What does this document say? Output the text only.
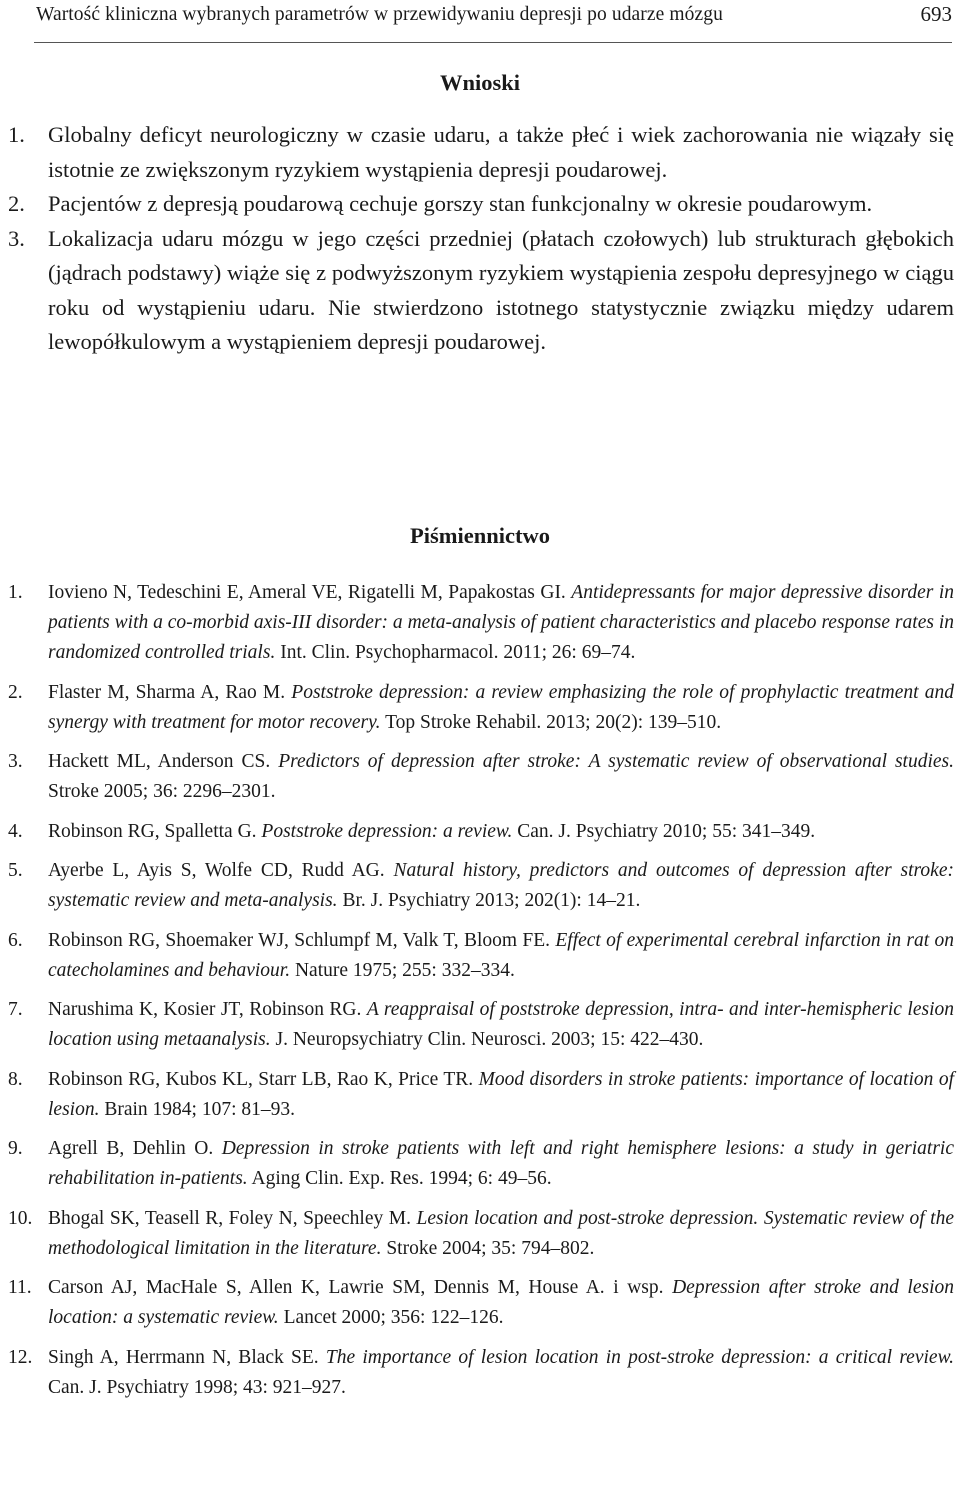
Wartość kliniczna wybranych parametrów w przewidywaniu depresji po udarze mózgu	693
Wnioski
1. Globalny deficyt neurologiczny w czasie udaru, a także płeć i wiek zachorowania nie wiązały się istotnie ze zwiększonym ryzykiem wystąpienia depresji poudarowej.
2. Pacjentów z depresją poudarową cechuje gorszy stan funkcjonalny w okresie poudarowym.
3. Lokalizacja udaru mózgu w jego części przedniej (płatach czołowych) lub strukturach głębokich (jądrach podstawy) wiąże się z podwyższonym ryzykiem wystąpienia zespołu depresyjnego w ciągu roku od wystąpieniu udaru. Nie stwierdzono istotnego statystycznie związku między udarem lewopółkulowym a wystąpieniem depresji poudarowej.
Piśmiennictwo
1. Iovieno N, Tedeschini E, Ameral VE, Rigatelli M, Papakostas GI. Antidepressants for major depressive disorder in patients with a co-morbid axis-III disorder: a meta-analysis of patient characteristics and placebo response rates in randomized controlled trials. Int. Clin. Psychopharmacol. 2011; 26: 69–74.
2. Flaster M, Sharma A, Rao M. Poststroke depression: a review emphasizing the role of prophylactic treatment and synergy with treatment for motor recovery. Top Stroke Rehabil. 2013; 20(2): 139–510.
3. Hackett ML, Anderson CS. Predictors of depression after stroke: A systematic review of observational studies. Stroke 2005; 36: 2296–2301.
4. Robinson RG, Spalletta G. Poststroke depression: a review. Can. J. Psychiatry 2010; 55: 341–349.
5. Ayerbe L, Ayis S, Wolfe CD, Rudd AG. Natural history, predictors and outcomes of depression after stroke: systematic review and meta-analysis. Br. J. Psychiatry 2013; 202(1): 14–21.
6. Robinson RG, Shoemaker WJ, Schlumpf M, Valk T, Bloom FE. Effect of experimental cerebral infarction in rat on catecholamines and behaviour. Nature 1975; 255: 332–334.
7. Narushima K, Kosier JT, Robinson RG. A reappraisal of poststroke depression, intra- and inter-hemispheric lesion location using metaanalysis. J. Neuropsychiatry Clin. Neurosci. 2003; 15: 422–430.
8. Robinson RG, Kubos KL, Starr LB, Rao K, Price TR. Mood disorders in stroke patients: importance of location of lesion. Brain 1984; 107: 81–93.
9. Agrell B, Dehlin O. Depression in stroke patients with left and right hemisphere lesions: a study in geriatric rehabilitation in-patients. Aging Clin. Exp. Res. 1994; 6: 49–56.
10. Bhogal SK, Teasell R, Foley N, Speechley M. Lesion location and post-stroke depression. Systematic review of the methodological limitation in the literature. Stroke 2004; 35: 794–802.
11. Carson AJ, MacHale S, Allen K, Lawrie SM, Dennis M, House A. i wsp. Depression after stroke and lesion location: a systematic review. Lancet 2000; 356: 122–126.
12. Singh A, Herrmann N, Black SE. The importance of lesion location in post-stroke depression: a critical review. Can. J. Psychiatry 1998; 43: 921–927.
